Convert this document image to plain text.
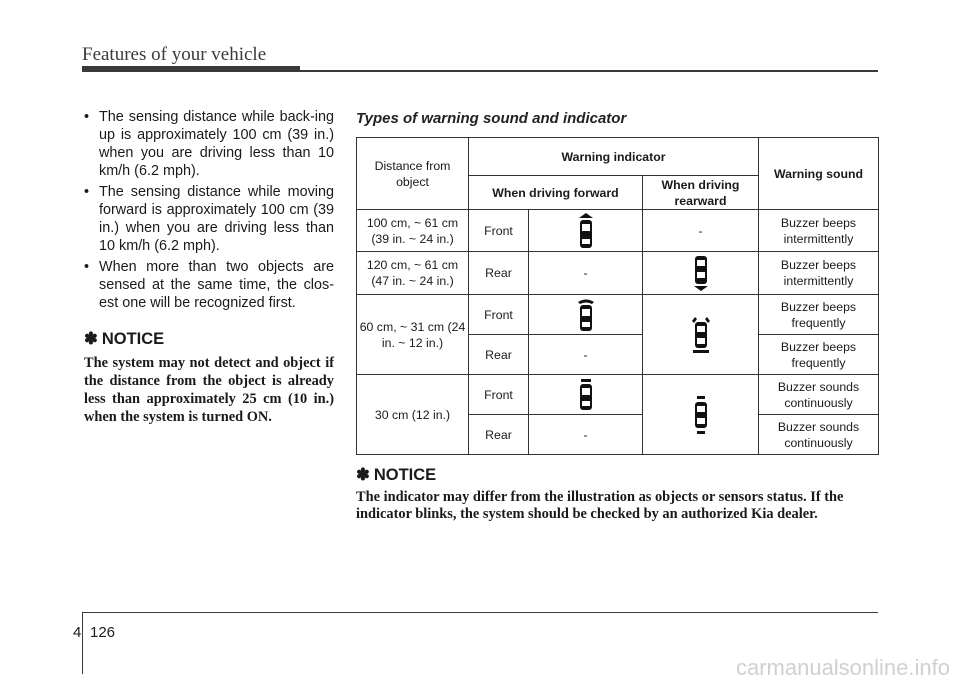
Features of your vehicle
• The sensing distance while back-ing up is approximately 100 cm (39 in.) when you are driving less than 10 km/h (6.2 mph).
• The sensing distance while moving forward is approximately 100 cm (39 in.) when you are driving less than 10 km/h (6.2 mph).
• When more than two objects are sensed at the same time, the clos-est one will be recognized first.
✽ NOTICE
The system may not detect and object if the distance from the object is already less than approximately 25 cm (10 in.) when the system is turned ON.
Types of warning sound and indicator
Distance from object	Warning indicator			Warning sound
	When driving forward		When driving rearward	
100 cm, ~ 61 cm (39 in. ~ 24 in.)	Front		-	Buzzer beeps intermittently
120 cm, ~ 61 cm (47 in. ~ 24 in.)	Rear	-		Buzzer beeps intermittently
60 cm, ~ 31 cm (24 in. ~ 12 in.)	Front			Buzzer beeps frequently
	Rear	-		Buzzer beeps frequently
30 cm (12 in.)	Front			Buzzer sounds continuously
	Rear	-		Buzzer sounds continuously
✽ NOTICE
The indicator may differ from the illustration as objects or sensors status. If the indicator blinks, the system should be checked by an authorized Kia dealer.
4 126
carmanualsonline.info
